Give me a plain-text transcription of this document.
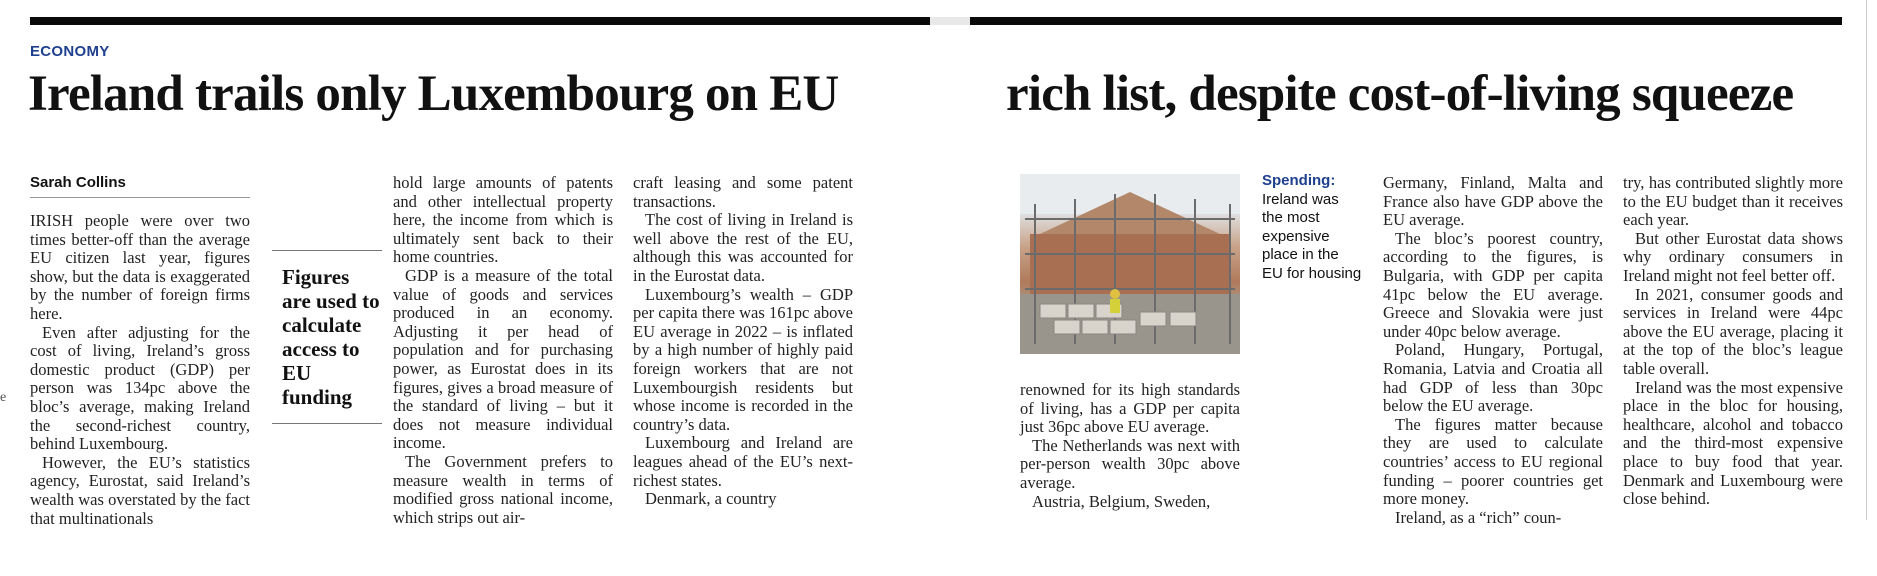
ECONOMY
Ireland trails only Luxembourg on EU	rich list, despite cost-of-living squeeze
Sarah Collins
e

IRISH people were over two times better-off than the average EU citizen last year, figures show, but the data is exaggerated by the number of foreign firms here.

Even after adjusting for the cost of living, Ireland’s gross domestic product (GDP) per person was 134pc above the bloc’s average, making Ireland the second-richest country, behind Luxembourg.

However, the EU’s statistics agency, Eurostat, said Ireland’s wealth was overstated by the fact that multinationals

Figures are used to calculate access to EU funding

hold large amounts of patents and other intellectual property here, the income from which is ultimately sent back to their home countries.

GDP is a measure of the total value of goods and services produced in an economy. Adjusting it per head of population and for purchasing power, as Eurostat does in its figures, gives a broad measure of the standard of living – but it does not measure individual income.

The Government prefers to measure wealth in terms of modified gross national income, which strips out air-

craft leasing and some patent transactions.

The cost of living in Ireland is well above the rest of the EU, although this was accounted for in the Eurostat data.

Luxembourg’s wealth – GDP per capita there was 161pc above EU average in 2022 – is inflated by a high number of highly paid foreign workers that are not Luxembourgish residents but whose income is recorded in the country’s data.

Luxembourg and Ireland are leagues ahead of the EU’s next-richest states.

Denmark, a country

Spending:
Ireland was the most expensive place in the EU for housing

renowned for its high standards of living, has a GDP per capita just 36pc above EU average.

The Netherlands was next with per-person wealth 30pc above average.

Austria, Belgium, Sweden,

Germany, Finland, Malta and France also have GDP above the EU average.

The bloc’s poorest country, according to the figures, is Bulgaria, with GDP per capita 41pc below the EU average. Greece and Slovakia were just under 40pc below average.

Poland, Hungary, Portugal, Romania, Latvia and Croatia all had GDP of less than 30pc below the EU average.

The figures matter because they are used to calculate countries’ access to EU regional funding – poorer countries get more money.

Ireland, as a “rich” coun-

try, has contributed slightly more to the EU budget than it receives each year.

But other Eurostat data shows why ordinary consumers in Ireland might not feel better off.

In 2021, consumer goods and services in Ireland were 44pc above the EU average, placing it at the top of the bloc’s league table overall.

Ireland was the most expensive place in the bloc for housing, healthcare, alcohol and tobacco and the third-most expensive place to buy food that year. Denmark and Luxembourg were close behind.
